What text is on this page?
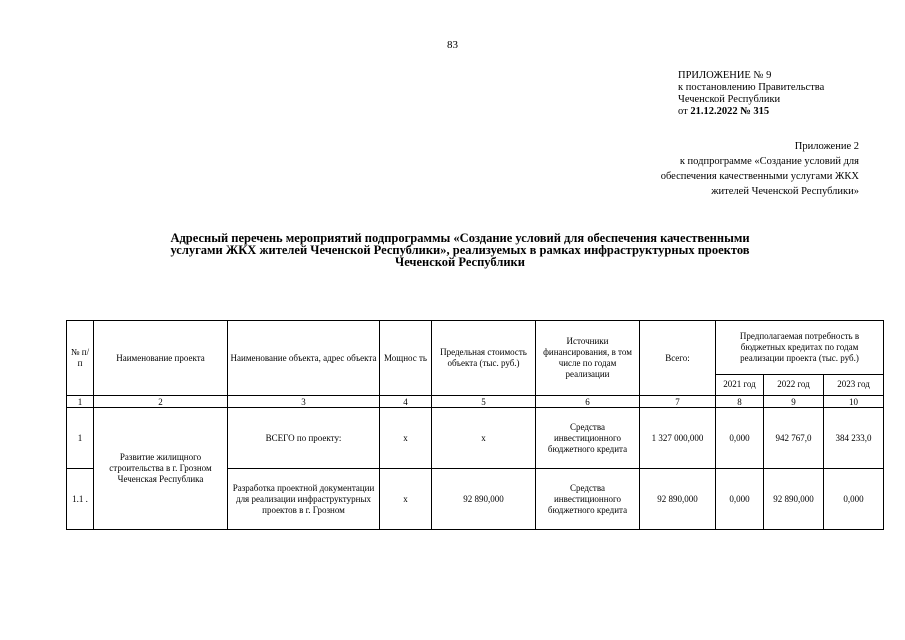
83
ПРИЛОЖЕНИЕ № 9
к постановлению Правительства
Чеченской Республики
от 21.12.2022 № 315
Приложение 2
к подпрограмме «Создание условий для
обеспечения качественными услугами ЖКХ
жителей Чеченской Республики»
Адресный перечень мероприятий подпрограммы «Создание условий для обеспечения качественными
услугами ЖКХ жителей Чеченской Республики», реализуемых в рамках инфраструктурных проектов
Чеченской Республики
№ п/ п	Наименование проекта	Наименование объекта, адрес объекта	Мощнос ть	Предельная стоимость объекта (тыс. руб.)	Источники финансирования, в том числе по годам реализации	Всего:	Предполагаемая потребность в бюджетных кредитах по годам реализации проекта (тыс. руб.)		
							2021 год	2022 год	2023 год
1	2	3	4	5	6	7	8	9	10
1	Развитие жилищного строительства в г. Грозном Чеченская Республика	ВСЕГО по проекту:	х	х	Средства инвестиционного бюджетного кредита	1 327 000,000	0,000	942 767,0	384 233,0
1.1 .		Разработка проектной документации для реализации инфраструктурных проектов в г. Грозном	х	92 890,000	Средства инвестиционного бюджетного кредита	92 890,000	0,000	92 890,000	0,000
